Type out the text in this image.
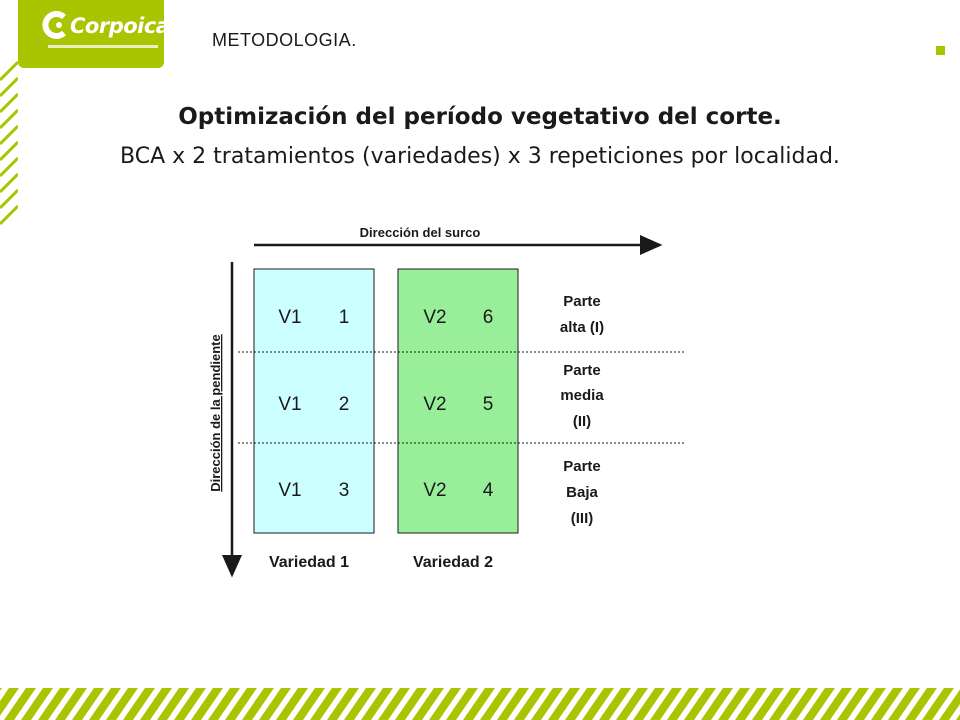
Corpoica
METODOLOGIA.
Optimización del período vegetativo del corte.
BCA x 2 tratamientos (variedades) x 3 repeticiones por localidad.
Dirección del surco
Dirección de la pendiente
V1 1
V1 2
V1 3
V2 6
V2 5
V2 4
Variedad 1	Variedad 2
Parte
alta (I)
Parte
media
(II)
Parte
Baja
(III)
